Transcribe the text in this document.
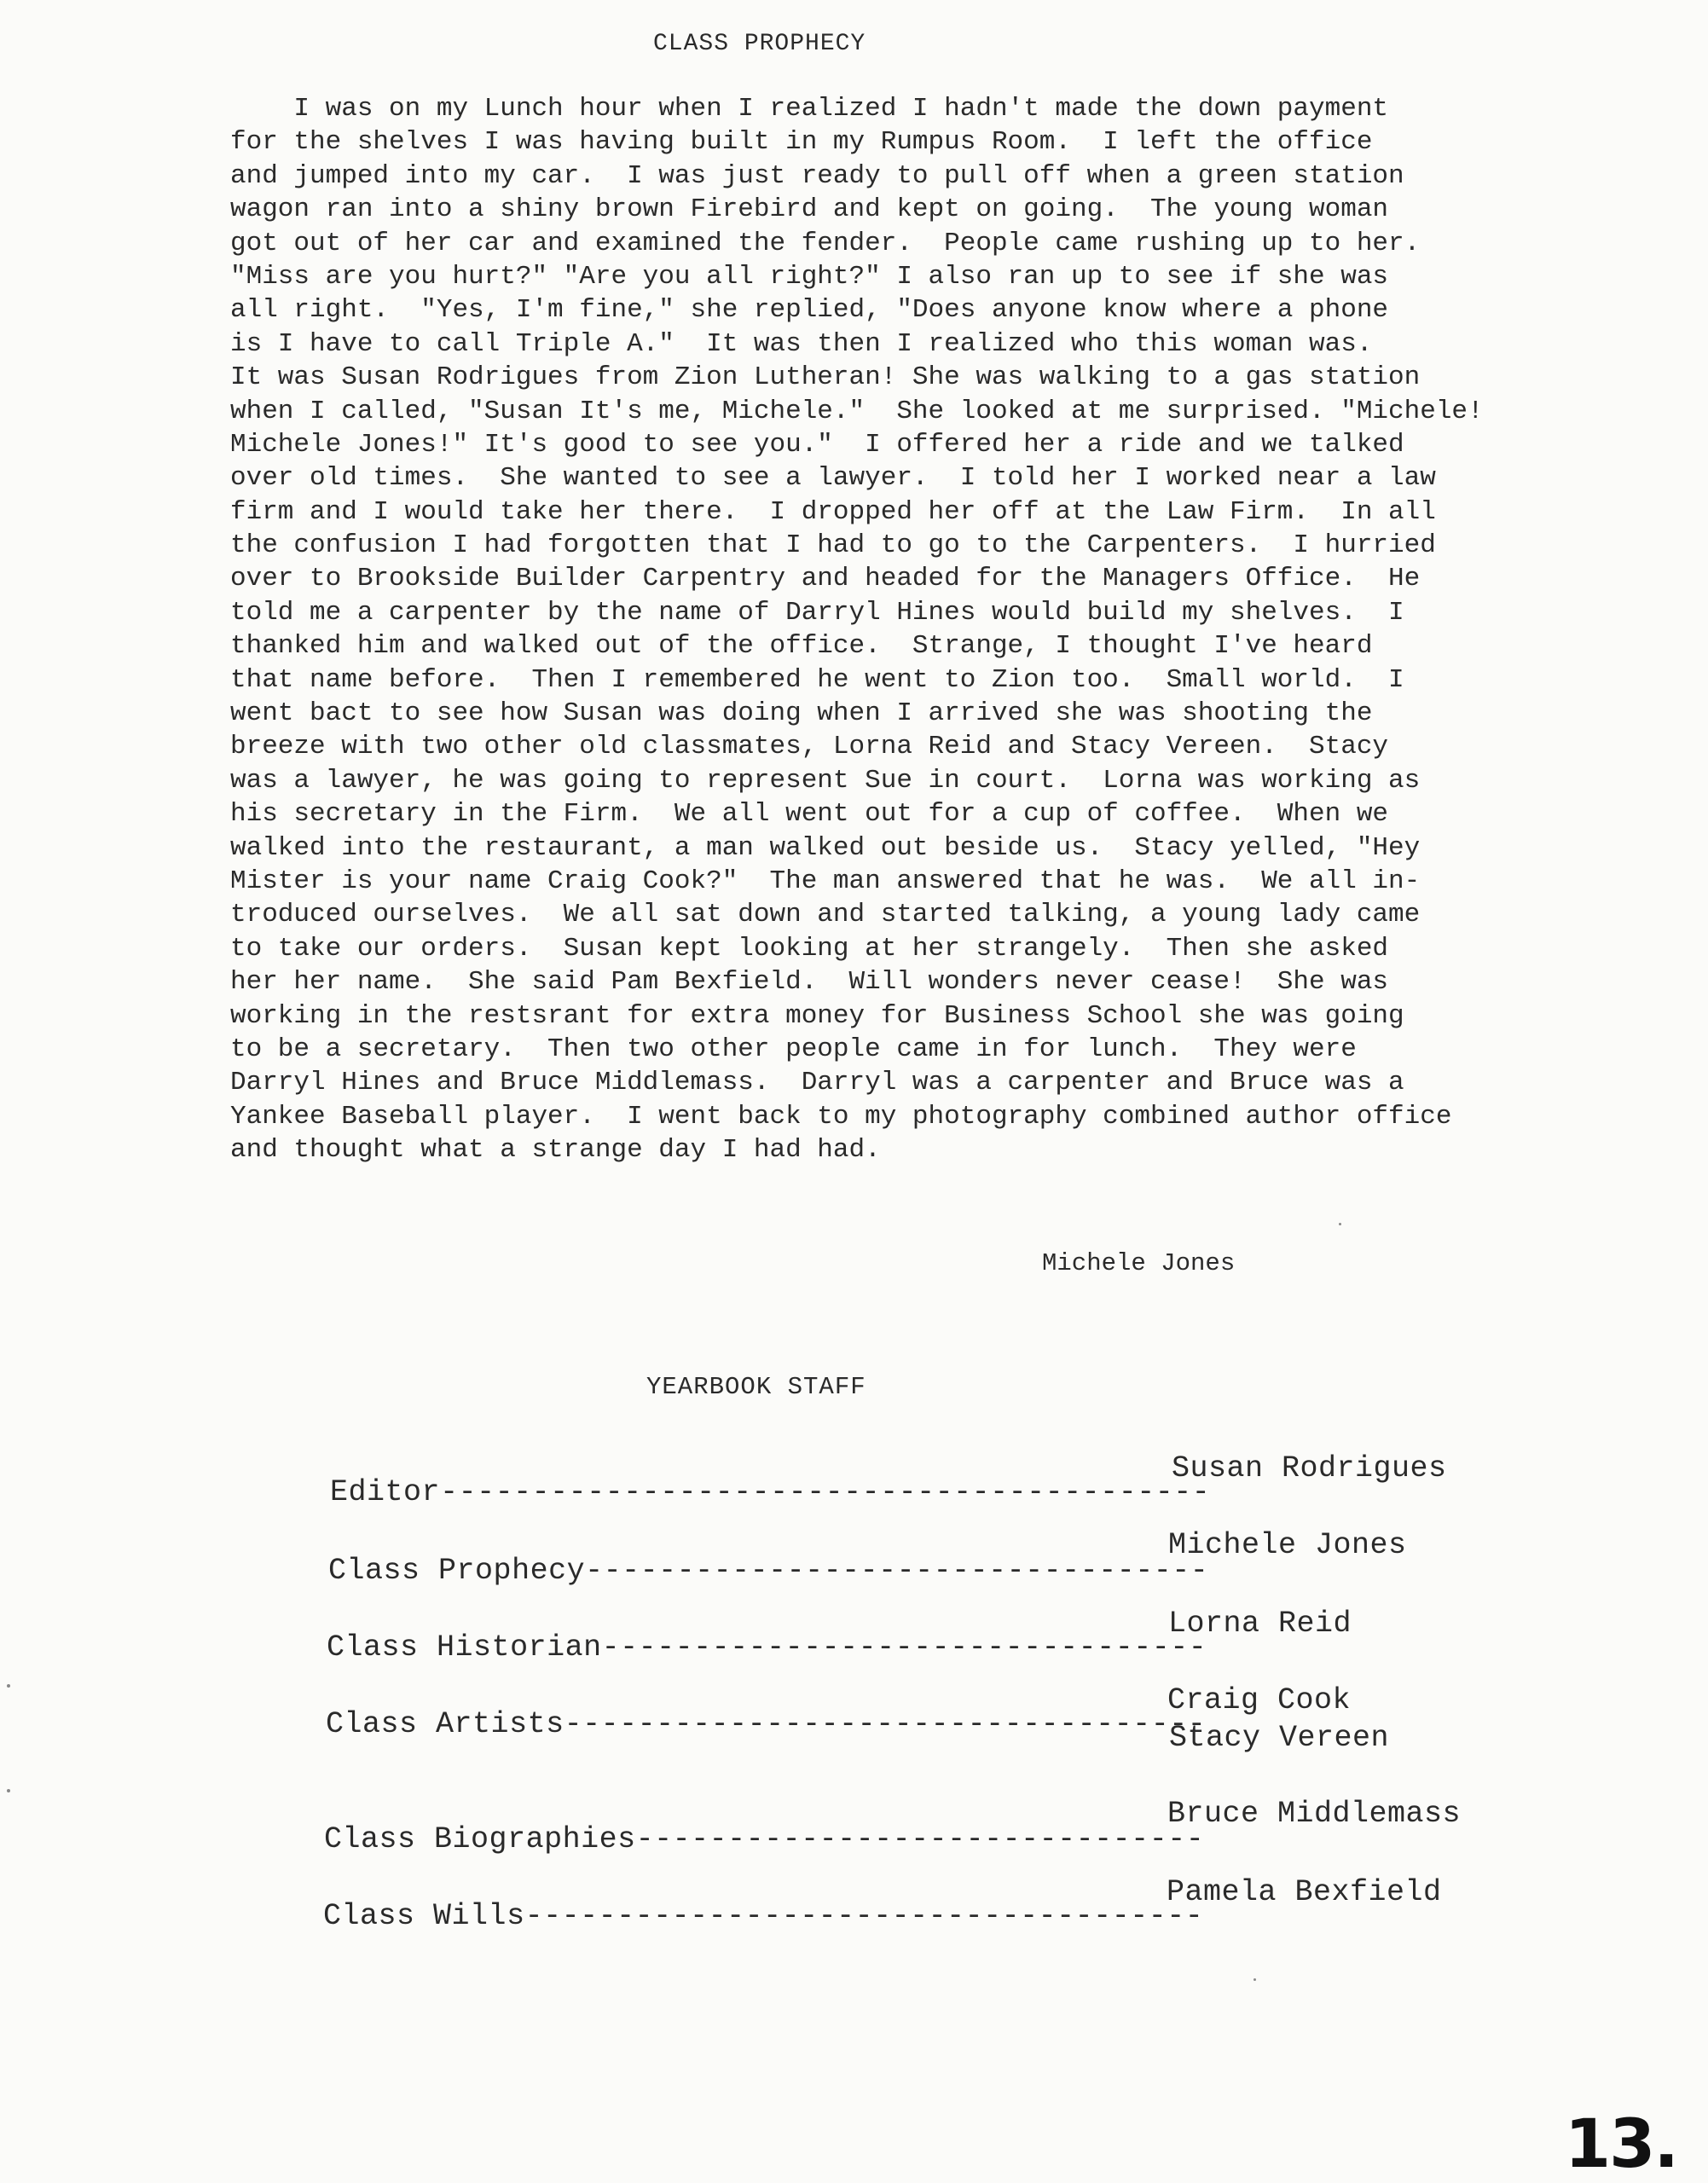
CLASS PROPHECY
I was on my Lunch hour when I realized I hadn't made the down payment
for the shelves I was having built in my Rumpus Room.  I left the office
and jumped into my car.  I was just ready to pull off when a green station
wagon ran into a shiny brown Firebird and kept on going.  The young woman
got out of her car and examined the fender.  People came rushing up to her.
"Miss are you hurt?" "Are you all right?" I also ran up to see if she was
all right.  "Yes, I'm fine," she replied, "Does anyone know where a phone
is I have to call Triple A."  It was then I realized who this woman was.
It was Susan Rodrigues from Zion Lutheran! She was walking to a gas station
when I called, "Susan It's me, Michele."  She looked at me surprised. "Michele!
Michele Jones!" It's good to see you."  I offered her a ride and we talked
over old times.  She wanted to see a lawyer.  I told her I worked near a law
firm and I would take her there.  I dropped her off at the Law Firm.  In all
the confusion I had forgotten that I had to go to the Carpenters.  I hurried
over to Brookside Builder Carpentry and headed for the Managers Office.  He
told me a carpenter by the name of Darryl Hines would build my shelves.  I
thanked him and walked out of the office.  Strange, I thought I've heard
that name before.  Then I remembered he went to Zion too.  Small world.  I
went bact to see how Susan was doing when I arrived she was shooting the
breeze with two other old classmates, Lorna Reid and Stacy Vereen.  Stacy
was a lawyer, he was going to represent Sue in court.  Lorna was working as
his secretary in the Firm.  We all went out for a cup of coffee.  When we
walked into the restaurant, a man walked out beside us.  Stacy yelled, "Hey
Mister is your name Craig Cook?"  The man answered that he was.  We all in-
troduced ourselves.  We all sat down and started talking, a young lady came
to take our orders.  Susan kept looking at her strangely.  Then she asked
her her name.  She said Pam Bexfield.  Will wonders never cease!  She was
working in the restsrant for extra money for Business School she was going
to be a secretary.  Then two other people came in for lunch.  They were
Darryl Hines and Bruce Middlemass.  Darryl was a carpenter and Bruce was a
Yankee Baseball player.  I went back to my photography combined author office
and thought what a strange day I had had.
Michele Jones
YEARBOOK STAFF

Editor------------------------------------------

Susan Rodrigues

Class Prophecy----------------------------------

Michele Jones

Class Historian---------------------------------

Lorna Reid

Class Artists-----------------------------------

Craig Cook

Stacy Vereen

Class Biographies-------------------------------

Bruce Middlemass

Class Wills-------------------------------------

Pamela Bexfield

13.
